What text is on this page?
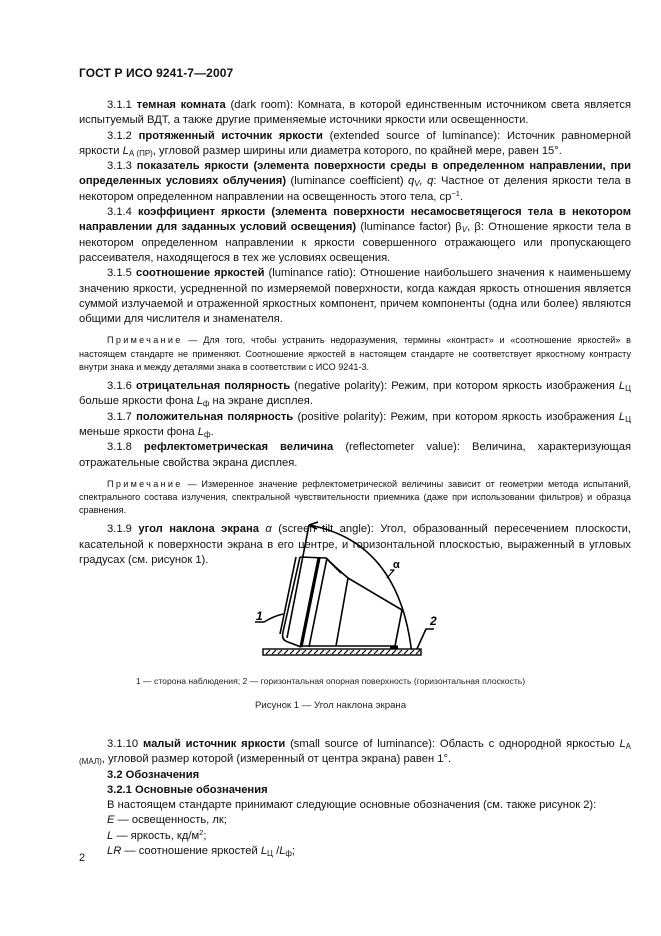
ГОСТ Р ИСО 9241-7—2007

3.1.1 темная комната (dark room): Комната, в которой единственным источником света является испытуемый ВДТ, а также другие применяемые источники яркости или освещенности.

3.1.2 протяженный источник яркости (extended source of luminance): Источник равномерной яркости $L_{А (ПР)}$, угловой размер ширины или диаметра которого, по крайней мере, равен 15°.

3.1.3 показатель яркости (элемента поверхности среды в определенном направлении, при определенных условиях облучения) (luminance coefficient) $q_V$, q: Частное от деления яркости тела в некотором определенном направлении на освещенность этого тела, $ср^{-1}$.

3.1.4 коэффициент яркости (элемента поверхности несамосветящегося тела в некотором направлении для заданных условий освещения) (luminance factor) $\beta_V$, β: Отношение яркости тела в некотором определенном направлении к яркости совершенного отражающего или пропускающего рассеивателя, находящегося в тех же условиях освещения.

3.1.5 соотношение яркостей (luminance ratio): Отношение наибольшего значения к наименьшему значению яркости, усредненной по измеряемой поверхности, когда каждая яркость отношения является суммой излучаемой и отраженной яркостных компонент, причем компоненты (одна или более) являются общими для числителя и знаменателя.

Примечание — Для того, чтобы устранить недоразумения, термины «контраст» и «соотношение яркостей» в настоящем стандарте не применяют. Соотношение яркостей в настоящем стандарте не соответствует яркостному контрасту внутри знака и между деталями знака в соответствии с ИСО 9241-3.

3.1.6 отрицательная полярность (negative polarity): Режим, при котором яркость изображения $L_Ц$ больше яркости фона $L_ф$ на экране дисплея.

3.1.7 положительная полярность (positive polarity): Режим, при котором яркость изображения $L_Ц$ меньше яркости фона $L_ф$.

3.1.8 рефлектометрическая величина (reflectometer value): Величина, характеризующая отражательные свойства экрана дисплея.

Примечание — Измеренное значение рефлектометрической величины зависит от геометрии метода испытаний, спектрального состава излучения, спектральной чувствительности приемника (даже при использовании фильтров) и образца сравнения.

3.1.9 угол наклона экрана α (screen tilt angle): Угол, образованный пересечением плоскости, касательной к поверхности экрана в его центре, и горизонтальной плоскостью, выраженный в угловых градусах (см. рисунок 1).

1	2
α
1 — сторона наблюдения; 2 — горизонтальная опорная поверхность (горизонтальная плоскость)
Рисунок 1 — Угол наклона экрана

3.1.10 малый источник яркости (small source of luminance): Область с однородной яркостью $L_{А (МАЛ)}$, угловой размер которой (измеренный от центра экрана) равен 1°.

3.2 Обозначения

3.2.1 Основные обозначения

В настоящем стандарте принимают следующие основные обозначения (см. также рисунок 2):

E — освещенность, лк;

L — яркость, $кд/м^2$;

LR — соотношение яркостей $L_Ц$ $/L_ф$;

2
